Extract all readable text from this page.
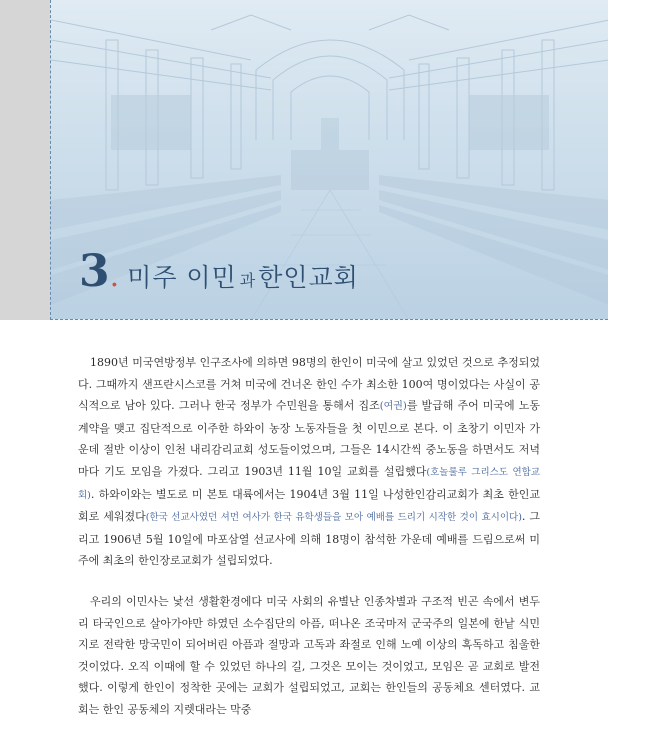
3 . 미주 이민 과 한인교회

1890년 미국연방정부 인구조사에 의하면 98명의 한인이 미국에 살고 있었던 것으로 추정되었다. 그때까지 샌프란시스코를 거쳐 미국에 건너온 한인 수가 최소한 100여 명이었다는 사실이 공식적으로 남아 있다. 그러나 한국 정부가 수민원을 통해서 집조(여권)를 발급해 주어 미국에 노동 계약을 맺고 집단적으로 이주한 하와이 농장 노동자들을 첫 이민으로 본다. 이 초창기 이민자 가운데 절반 이상이 인천 내리감리교회 성도들이었으며, 그들은 14시간씩 중노동을 하면서도 저녁마다 기도 모임을 가졌다. 그리고 1903년 11월 10일 교회를 설립했다(호놀룰루 그리스도 연합교회). 하와이와는 별도로 미 본토 대륙에서는 1904년 3월 11일 나성한인감리교회가 최초 한인교회로 세워졌다(한국 선교사였던 셔먼 여사가 한국 유학생들을 모아 예배를 드리기 시작한 것이 효시이다). 그리고 1906년 5월 10일에 마포삼열 선교사에 의해 18명이 참석한 가운데 예배를 드림으로써 미주에 최초의 한인장로교회가 설립되었다.

우리의 이민사는 낯선 생활환경에다 미국 사회의 유별난 인종차별과 구조적 빈곤 속에서 변두리 타국인으로 살아가야만 하였던 소수집단의 아픔, 떠나온 조국마저 군국주의 일본에 한낱 식민지로 전락한 망국민이 되어버린 아픔과 절망과 고독과 좌절로 인해 노예 이상의 혹독하고 침울한 것이었다. 오직 이때에 할 수 있었던 하나의 길, 그것은 모이는 것이었고, 모임은 곧 교회로 발전했다. 이렇게 한인이 정착한 곳에는 교회가 설립되었고, 교회는 한인들의 공동체요 센터였다. 교회는 한인 공동체의 지렛대라는 막중
